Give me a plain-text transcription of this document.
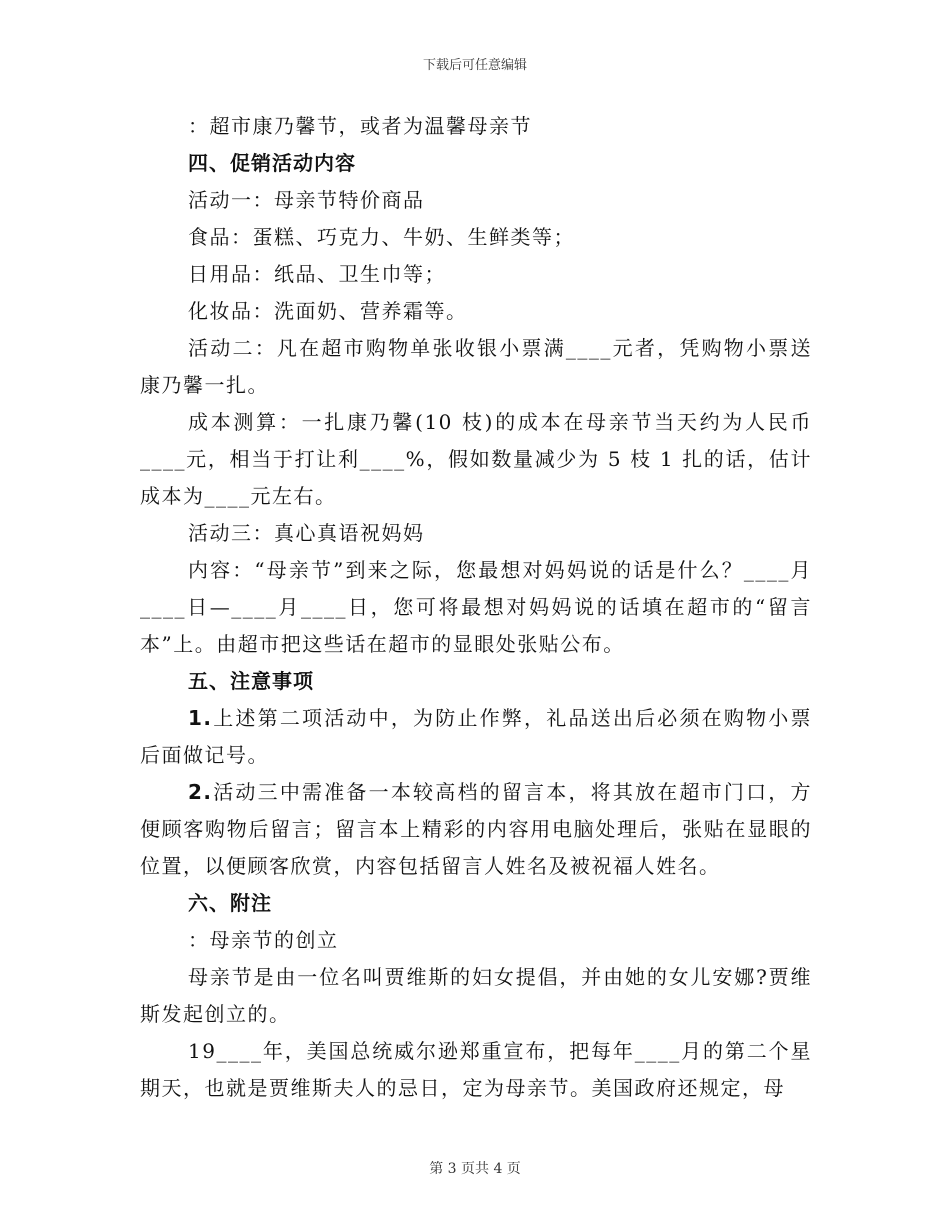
下载后可任意编辑

：超市康乃馨节，或者为温馨母亲节

四、促销活动内容

活动一：母亲节特价商品

食品：蛋糕、巧克力、牛奶、生鲜类等；

日用品：纸品、卫生巾等；

化妆品：洗面奶、营养霜等。

活动二：凡在超市购物单张收银小票满____元者，凭购物小票送康乃馨一扎。

成本测算：一扎康乃馨(10 枝)的成本在母亲节当天约为人民币____元，相当于打让利____%，假如数量减少为 5 枝 1 扎的话，估计成本为____元左右。

活动三：真心真语祝妈妈

内容：“母亲节”到来之际，您最想对妈妈说的话是什么？____月____日—____月____日，您可将最想对妈妈说的话填在超市的“留言本”上。由超市把这些话在超市的显眼处张贴公布。

五、注意事项

1.上述第二项活动中，为防止作弊，礼品送出后必须在购物小票后面做记号。

2.活动三中需准备一本较高档的留言本，将其放在超市门口，方便顾客购物后留言；留言本上精彩的内容用电脑处理后，张贴在显眼的位置，以便顾客欣赏，内容包括留言人姓名及被祝福人姓名。

六、附注

：母亲节的创立

母亲节是由一位名叫贾维斯的妇女提倡，并由她的女儿安娜?贾维斯发起创立的。

19____年，美国总统威尔逊郑重宣布，把每年____月的第二个星期天，也就是贾维斯夫人的忌日，定为母亲节。美国政府还规定，母

第 3 页共 4 页
